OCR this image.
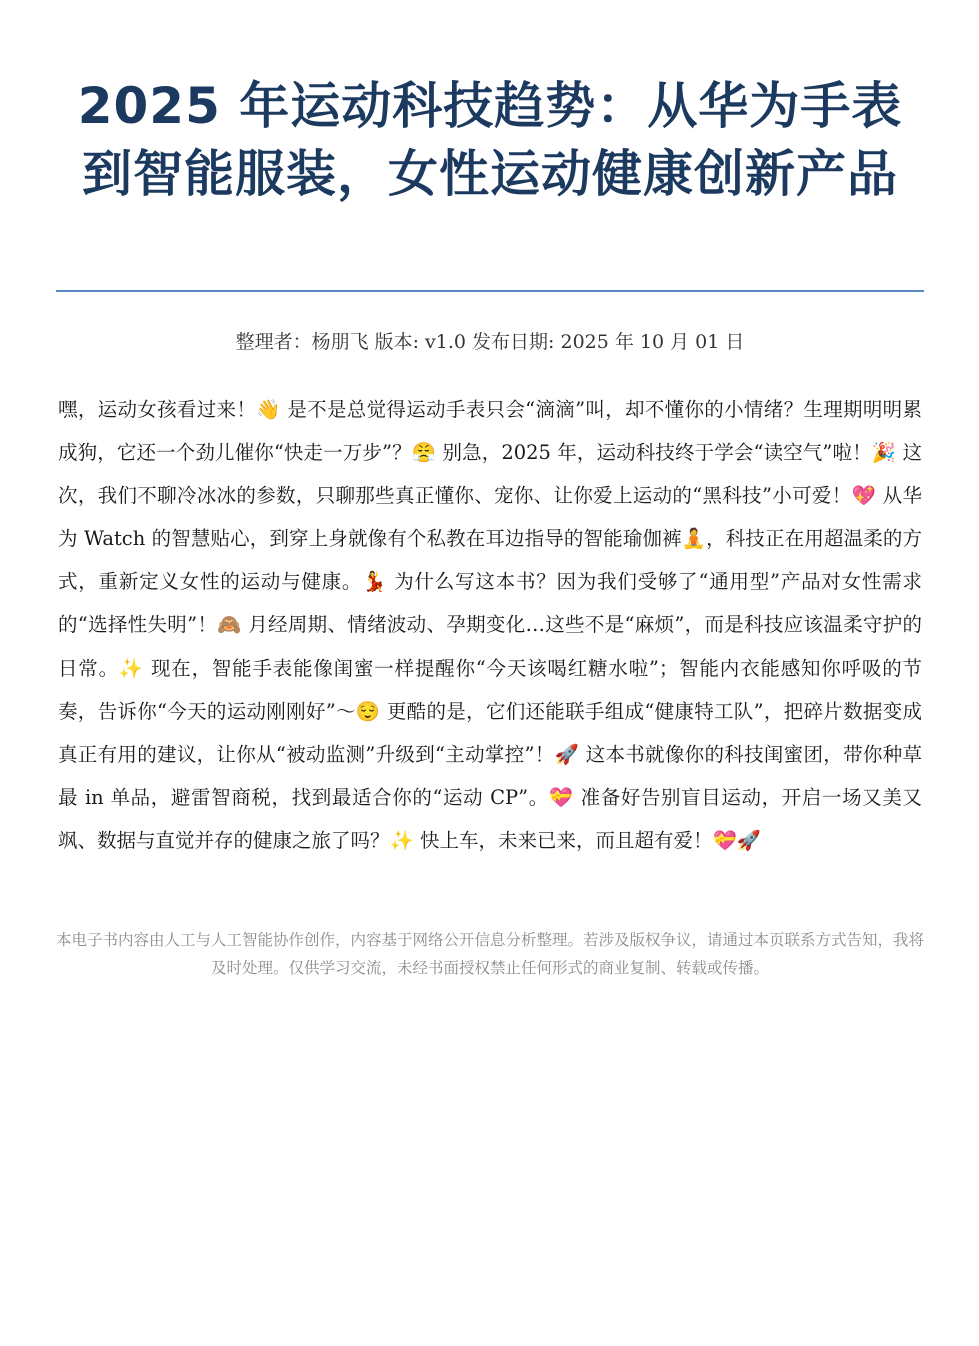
2025 年运动科技趋势：从华为手表到智能服装，女性运动健康创新产品
整理者：杨朋飞 版本: v1.0 发布日期: 2025 年 10 月 01 日

嘿，运动女孩看过来！👋 是不是总觉得运动手表只会“滴滴”叫，却不懂你的小情绪？生理期明明累成狗，它还一个劲儿催你“快走一万步”？😤 别急，2025 年，运动科技终于学会“读空气”啦！🎉 这次，我们不聊冷冰冰的参数，只聊那些真正懂你、宠你、让你爱上运动的“黑科技”小可爱！💖 从华为 Watch 的智慧贴心，到穿上身就像有个私教在耳边指导的智能瑜伽裤🧘，科技正在用超温柔的方式，重新定义女性的运动与健康。💃 为什么写这本书？因为我们受够了“通用型”产品对女性需求的“选择性失明”！🙈 月经周期、情绪波动、孕期变化…这些不是“麻烦”，而是科技应该温柔守护的日常。✨ 现在，智能手表能像闺蜜一样提醒你“今天该喝红糖水啦”；智能内衣能感知你呼吸的节奏，告诉你“今天的运动刚刚好”～😌 更酷的是，它们还能联手组成“健康特工队”，把碎片数据变成真正有用的建议，让你从“被动监测”升级到“主动掌控”！🚀 这本书就像你的科技闺蜜团，带你种草最 in 单品，避雷智商税，找到最适合你的“运动 CP”。💝 准备好告别盲目运动，开启一场又美又飒、数据与直觉并存的健康之旅了吗？✨ 快上车，未来已来，而且超有爱！💝🚀

本电子书内容由人工与人工智能协作创作，内容基于网络公开信息分析整理。若涉及版权争议，请通过本页联系方式告知，我将及时处理。仅供学习交流，未经书面授权禁止任何形式的商业复制、转载或传播。
